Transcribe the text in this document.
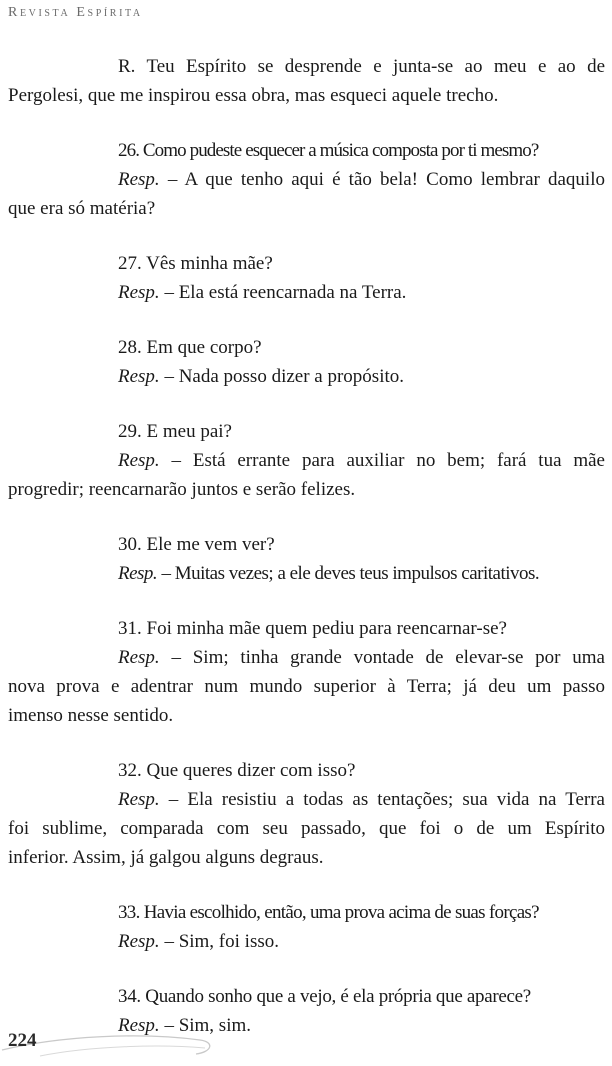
Revista Espírita
R. Teu Espírito se desprende e junta-se ao meu e ao de
Pergolesi, que me inspirou essa obra, mas esqueci aquele trecho.
26. Como pudeste esquecer a música composta por ti mesmo?
Resp. – A que tenho aqui é tão bela! Como lembrar daquilo
que era só matéria?
27. Vês minha mãe?
Resp. – Ela está reencarnada na Terra.
28. Em que corpo?
Resp. – Nada posso dizer a propósito.
29. E meu pai?
Resp. – Está errante para auxiliar no bem; fará tua mãe
progredir; reencarnarão juntos e serão felizes.
30. Ele me vem ver?
Resp. – Muitas vezes; a ele deves teus impulsos caritativos.
31. Foi minha mãe quem pediu para reencarnar-se?
Resp. – Sim; tinha grande vontade de elevar-se por uma
nova prova e adentrar num mundo superior à Terra; já deu um passo
imenso nesse sentido.
32. Que queres dizer com isso?
Resp. – Ela resistiu a todas as tentações; sua vida na Terra
foi sublime, comparada com seu passado, que foi o de um Espírito
inferior. Assim, já galgou alguns degraus.
33. Havia escolhido, então, uma prova acima de suas forças?
Resp. – Sim, foi isso.
34. Quando sonho que a vejo, é ela própria que aparece?
Resp. – Sim, sim.
224
